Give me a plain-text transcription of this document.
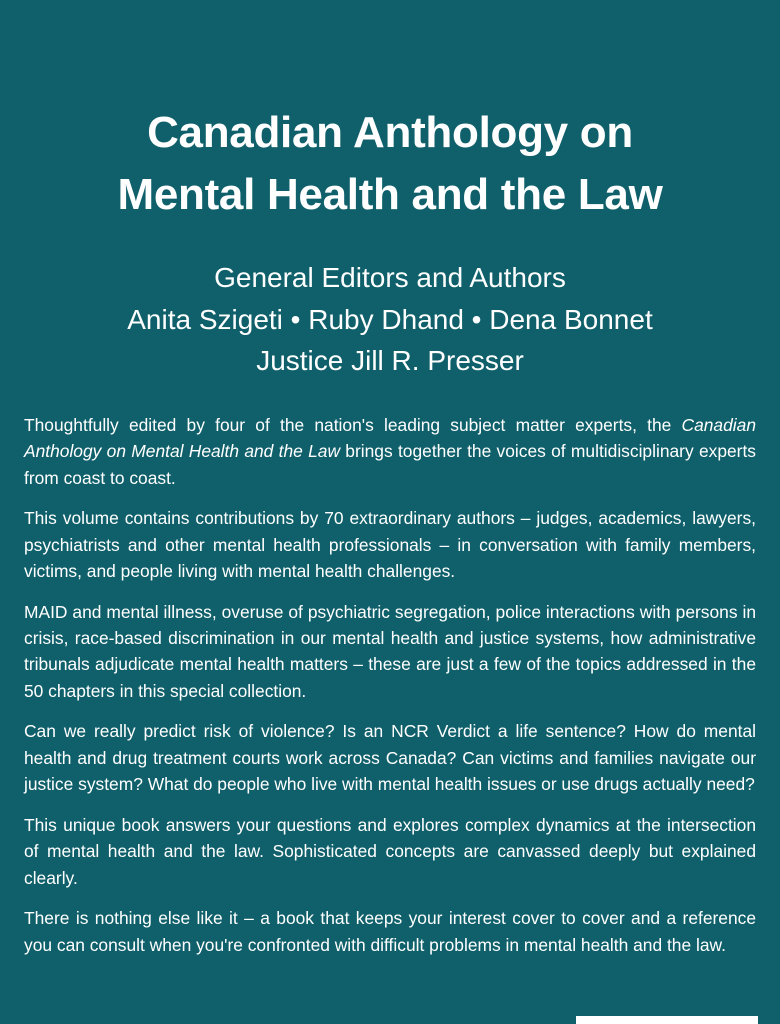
Canadian Anthology on
Mental Health and the Law
General Editors and Authors
Anita Szigeti • Ruby Dhand • Dena Bonnet
Justice Jill R. Presser

Thoughtfully edited by four of the nation's leading subject matter experts, the Canadian Anthology on Mental Health and the Law brings together the voices of multidisciplinary experts from coast to coast.

This volume contains contributions by 70 extraordinary authors – judges, academics, lawyers, psychiatrists and other mental health professionals – in conversation with family members, victims, and people living with mental health challenges.

MAID and mental illness, overuse of psychiatric segregation, police interactions with persons in crisis, race-based discrimination in our mental health and justice systems, how administrative tribunals adjudicate mental health matters – these are just a few of the topics addressed in the 50 chapters in this special collection.

Can we really predict risk of violence? Is an NCR Verdict a life sentence? How do mental health and drug treatment courts work across Canada? Can victims and families navigate our justice system? What do people who live with mental health issues or use drugs actually need?

This unique book answers your questions and explores complex dynamics at the intersection of mental health and the law. Sophisticated concepts are canvassed deeply but explained clearly.

There is nothing else like it – a book that keeps your interest cover to cover and a reference you can consult when you're confronted with difficult problems in mental health and the law.
